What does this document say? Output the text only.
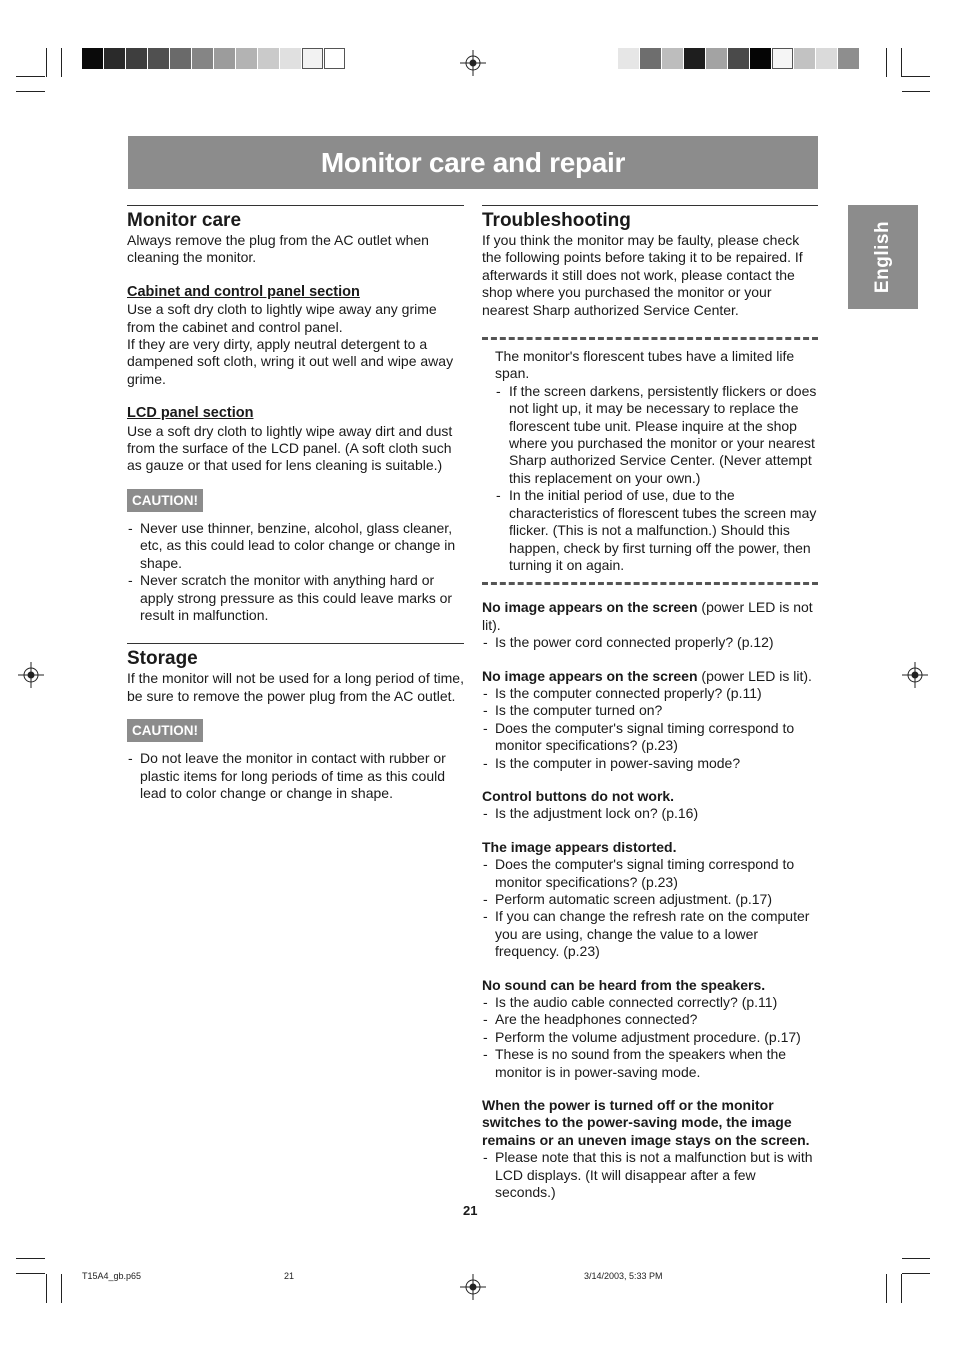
Monitor care and repair
English
Monitor care

Always remove the plug from the AC outlet when cleaning the monitor.

Cabinet and control panel section

Use a soft dry cloth to lightly wipe away any grime from the cabinet and control panel.

If they are very dirty, apply neutral detergent to a dampened soft cloth, wring it out well and wipe away grime.

LCD panel section

Use a soft dry cloth to lightly wipe away dirt and dust from the surface of the LCD panel. (A soft cloth such as gauze or that used for lens cleaning is suitable.)

CAUTION!
- Never use thinner, benzine, alcohol, glass cleaner, etc, as this could lead to color change or change in shape.
- Never scratch the monitor with anything hard or apply strong pressure as this could leave marks or result in malfunction.
Storage

If the monitor will not be used for a long period of time, be sure to remove the power plug from the AC outlet.

CAUTION!
- Do not leave the monitor in contact with rubber or plastic items for long periods of time as this could lead to color change or change in shape.
Troubleshooting

If you think the monitor may be faulty, please check the following points before taking it to be repaired. If afterwards it still does not work, please contact the shop where you purchased the monitor or your nearest Sharp authorized Service Center.

The monitor's florescent tubes have a limited life span.

- If the screen darkens, persistently flickers or does not light up, it may be necessary to replace the florescent tube unit. Please inquire at the shop where you purchased the monitor or your nearest Sharp authorized Service Center. (Never attempt this replacement on your own.)
- In the initial period of use, due to the characteristics of florescent tubes the screen may flicker. (This is not a malfunction.) Should this happen, check by first turning off the power, then turning it on again.
No image appears on the screen (power LED is not lit).
- Is the power cord connected properly? (p.12)
No image appears on the screen (power LED is lit).
- Is the computer connected properly? (p.11)
- Is the computer turned on?
- Does the computer's signal timing correspond to monitor specifications? (p.23)
- Is the computer in power-saving mode?
Control buttons do not work.
- Is the adjustment lock on? (p.16)
The image appears distorted.
- Does the computer's signal timing correspond to monitor specifications? (p.23)
- Perform automatic screen adjustment. (p.17)
- If you can change the refresh rate on the computer you are using, change the value to a lower frequency. (p.23)
No sound can be heard from the speakers.
- Is the audio cable connected correctly? (p.11)
- Are the headphones connected?
- Perform the volume adjustment procedure. (p.17)
- These is no sound from the speakers when the monitor is in power-saving mode.
When the power is turned off or the monitor switches to the power-saving mode, the image remains or an uneven image stays on the screen.
- Please note that this is not a malfunction but is with LCD displays. (It will disappear after a few seconds.)
21
T15A4_gb.p65	21	3/14/2003, 5:33 PM
